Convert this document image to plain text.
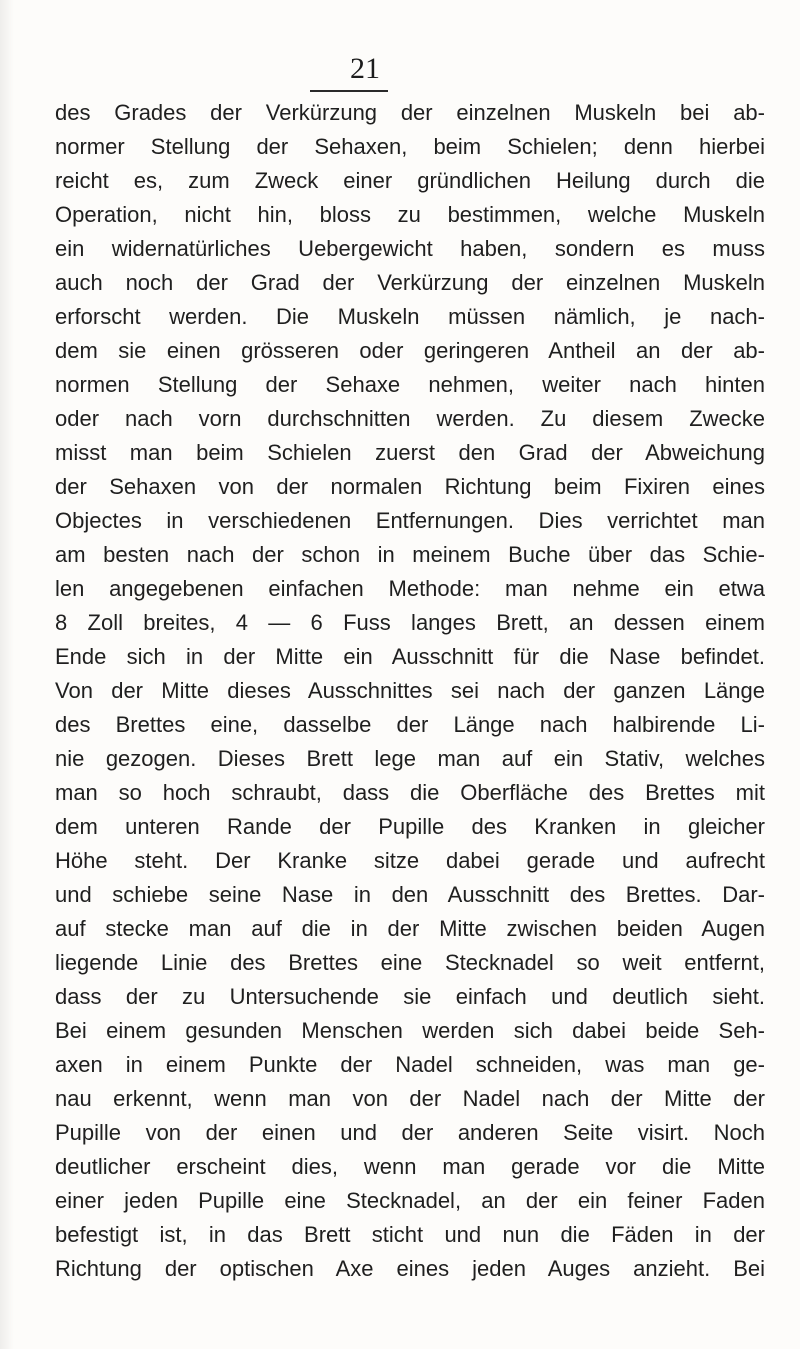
21
des Grades der Verkürzung der einzelnen Muskeln bei ab-
normer Stellung der Sehaxen, beim Schielen; denn hierbei
reicht es, zum Zweck einer gründlichen Heilung durch die
Operation, nicht hin, bloss zu bestimmen, welche Muskeln
ein widernatürliches Uebergewicht haben, sondern es muss
auch noch der Grad der Verkürzung der einzelnen Muskeln
erforscht werden. Die Muskeln müssen nämlich, je nach-
dem sie einen grösseren oder geringeren Antheil an der ab-
normen Stellung der Sehaxe nehmen, weiter nach hinten
oder nach vorn durchschnitten werden. Zu diesem Zwecke
misst man beim Schielen zuerst den Grad der Abweichung
der Sehaxen von der normalen Richtung beim Fixiren eines
Objectes in verschiedenen Entfernungen. Dies verrichtet man
am besten nach der schon in meinem Buche über das Schie-
len angegebenen einfachen Methode: man nehme ein etwa
8 Zoll breites, 4 — 6 Fuss langes Brett, an dessen einem
Ende sich in der Mitte ein Ausschnitt für die Nase befindet.
Von der Mitte dieses Ausschnittes sei nach der ganzen Länge
des Brettes eine, dasselbe der Länge nach halbirende Li-
nie gezogen. Dieses Brett lege man auf ein Stativ, welches
man so hoch schraubt, dass die Oberfläche des Brettes mit
dem unteren Rande der Pupille des Kranken in gleicher
Höhe steht. Der Kranke sitze dabei gerade und aufrecht
und schiebe seine Nase in den Ausschnitt des Brettes. Dar-
auf stecke man auf die in der Mitte zwischen beiden Augen
liegende Linie des Brettes eine Stecknadel so weit entfernt,
dass der zu Untersuchende sie einfach und deutlich sieht.
Bei einem gesunden Menschen werden sich dabei beide Seh-
axen in einem Punkte der Nadel schneiden, was man ge-
nau erkennt, wenn man von der Nadel nach der Mitte der
Pupille von der einen und der anderen Seite visirt. Noch
deutlicher erscheint dies, wenn man gerade vor die Mitte
einer jeden Pupille eine Stecknadel, an der ein feiner Faden
befestigt ist, in das Brett sticht und nun die Fäden in der
Richtung der optischen Axe eines jeden Auges anzieht. Bei
